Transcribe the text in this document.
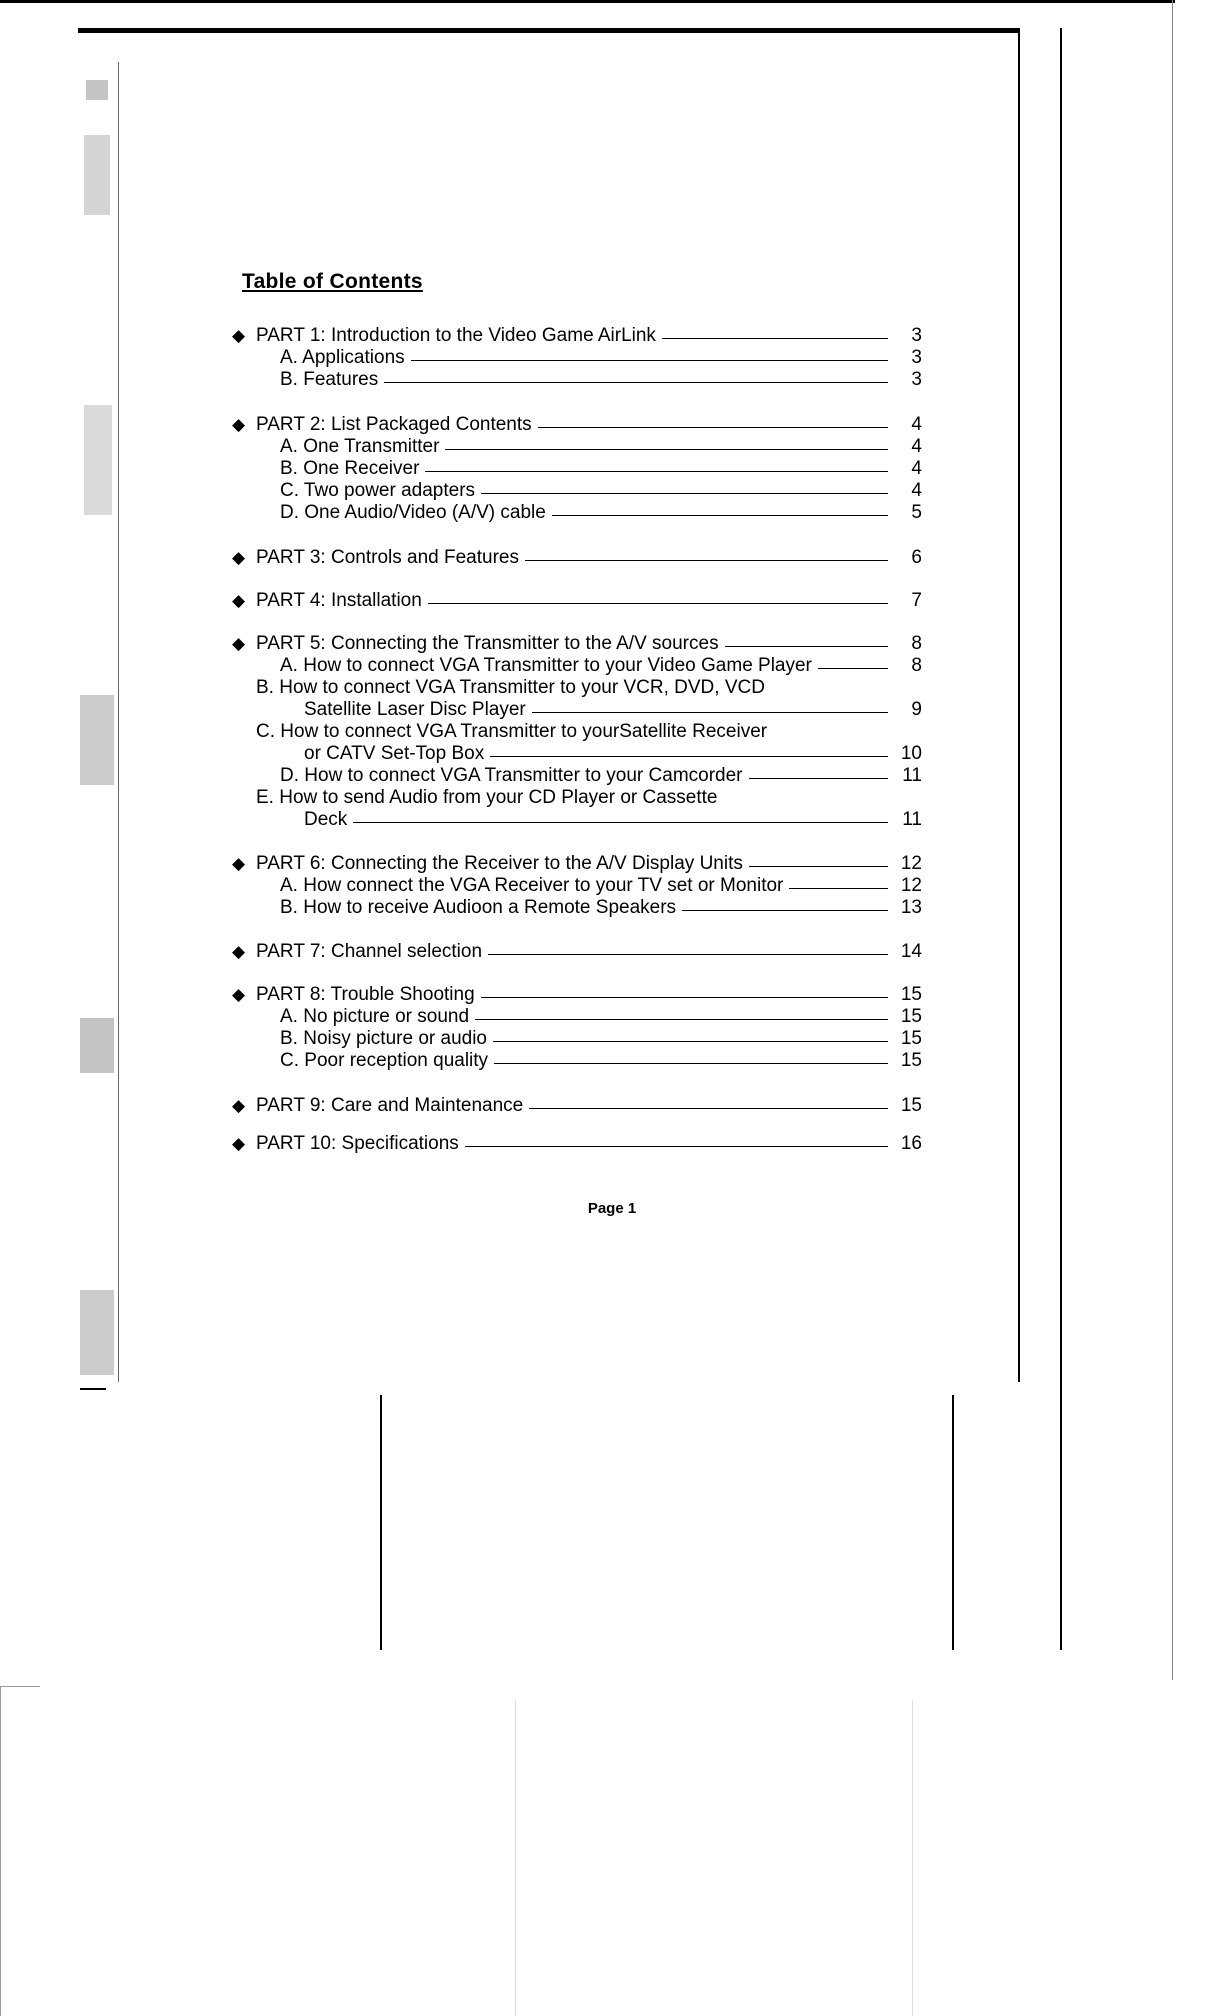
Table of Contents
◆ PART 1: Introduction to the Video Game AirLink	3
A. Applications	3
B. Features	3
◆ PART 2: List Packaged Contents	4
A. One Transmitter	4
B. One Receiver	4
C. Two power adapters	4
D. One Audio/Video (A/V) cable	5
◆ PART 3: Controls and Features	6
◆ PART 4: Installation	7
◆ PART 5: Connecting the Transmitter to the A/V sources	8
A. How to connect VGA Transmitter to your Video Game Player	8
B. How to connect VGA Transmitter to your VCR, DVD, VCD
Satellite Laser Disc Player	9
C. How to connect VGA Transmitter to yourSatellite Receiver
or CATV Set-Top Box	10
D. How to connect VGA Transmitter to your Camcorder	11
E. How to send Audio from your CD Player or Cassette
Deck	11
◆ PART 6: Connecting the Receiver to the A/V Display Units	12
A. How connect the VGA Receiver to your TV set or Monitor	12
B. How to receive Audioon a Remote Speakers	13
◆ PART 7: Channel selection	14
◆ PART 8: Trouble Shooting	15
A. No picture or sound	15
B. Noisy picture or audio	15
C. Poor reception quality	15
◆ PART 9: Care and Maintenance	15
◆ PART 10: Specifications	16
Page 1
